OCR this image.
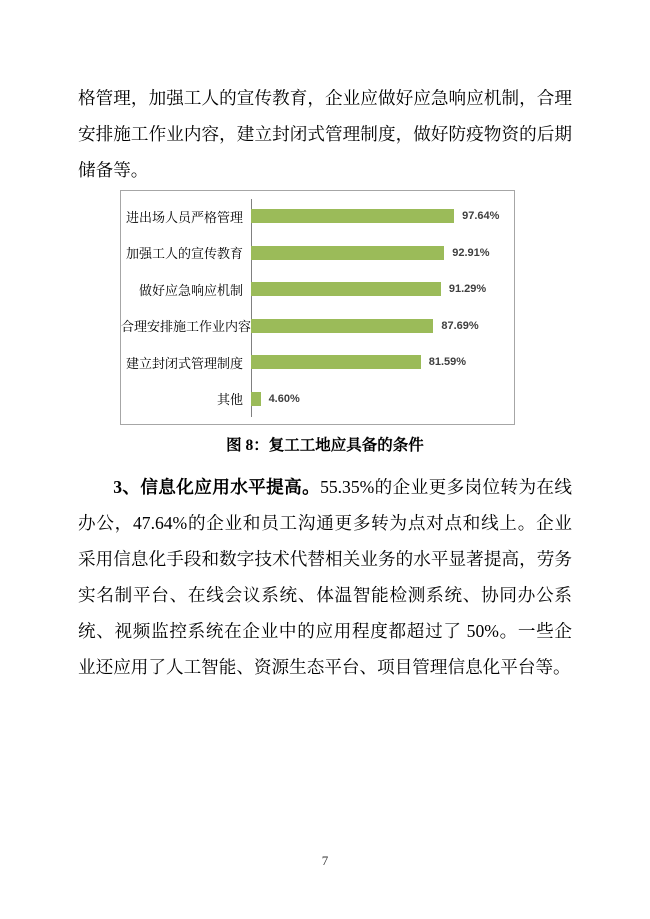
格管理，加强工人的宣传教育，企业应做好应急响应机制，合理安排施工作业内容，建立封闭式管理制度，做好防疫物资的后期储备等。

进出场人员严格管理	97.64%
加强工人的宣传教育	92.91%
做好应急响应机制	91.29%
合理安排施工作业内容	87.69%
建立封闭式管理制度	81.59%
其他	4.60%
图 8：复工工地应具备的条件

3、信息化应用水平提高。55.35%的企业更多岗位转为在线办公，47.64%的企业和员工沟通更多转为点对点和线上。企业采用信息化手段和数字技术代替相关业务的水平显著提高，劳务实名制平台、在线会议系统、体温智能检测系统、协同办公系统、视频监控系统在企业中的应用程度都超过了 50%。一些企业还应用了人工智能、资源生态平台、项目管理信息化平台等。

7
